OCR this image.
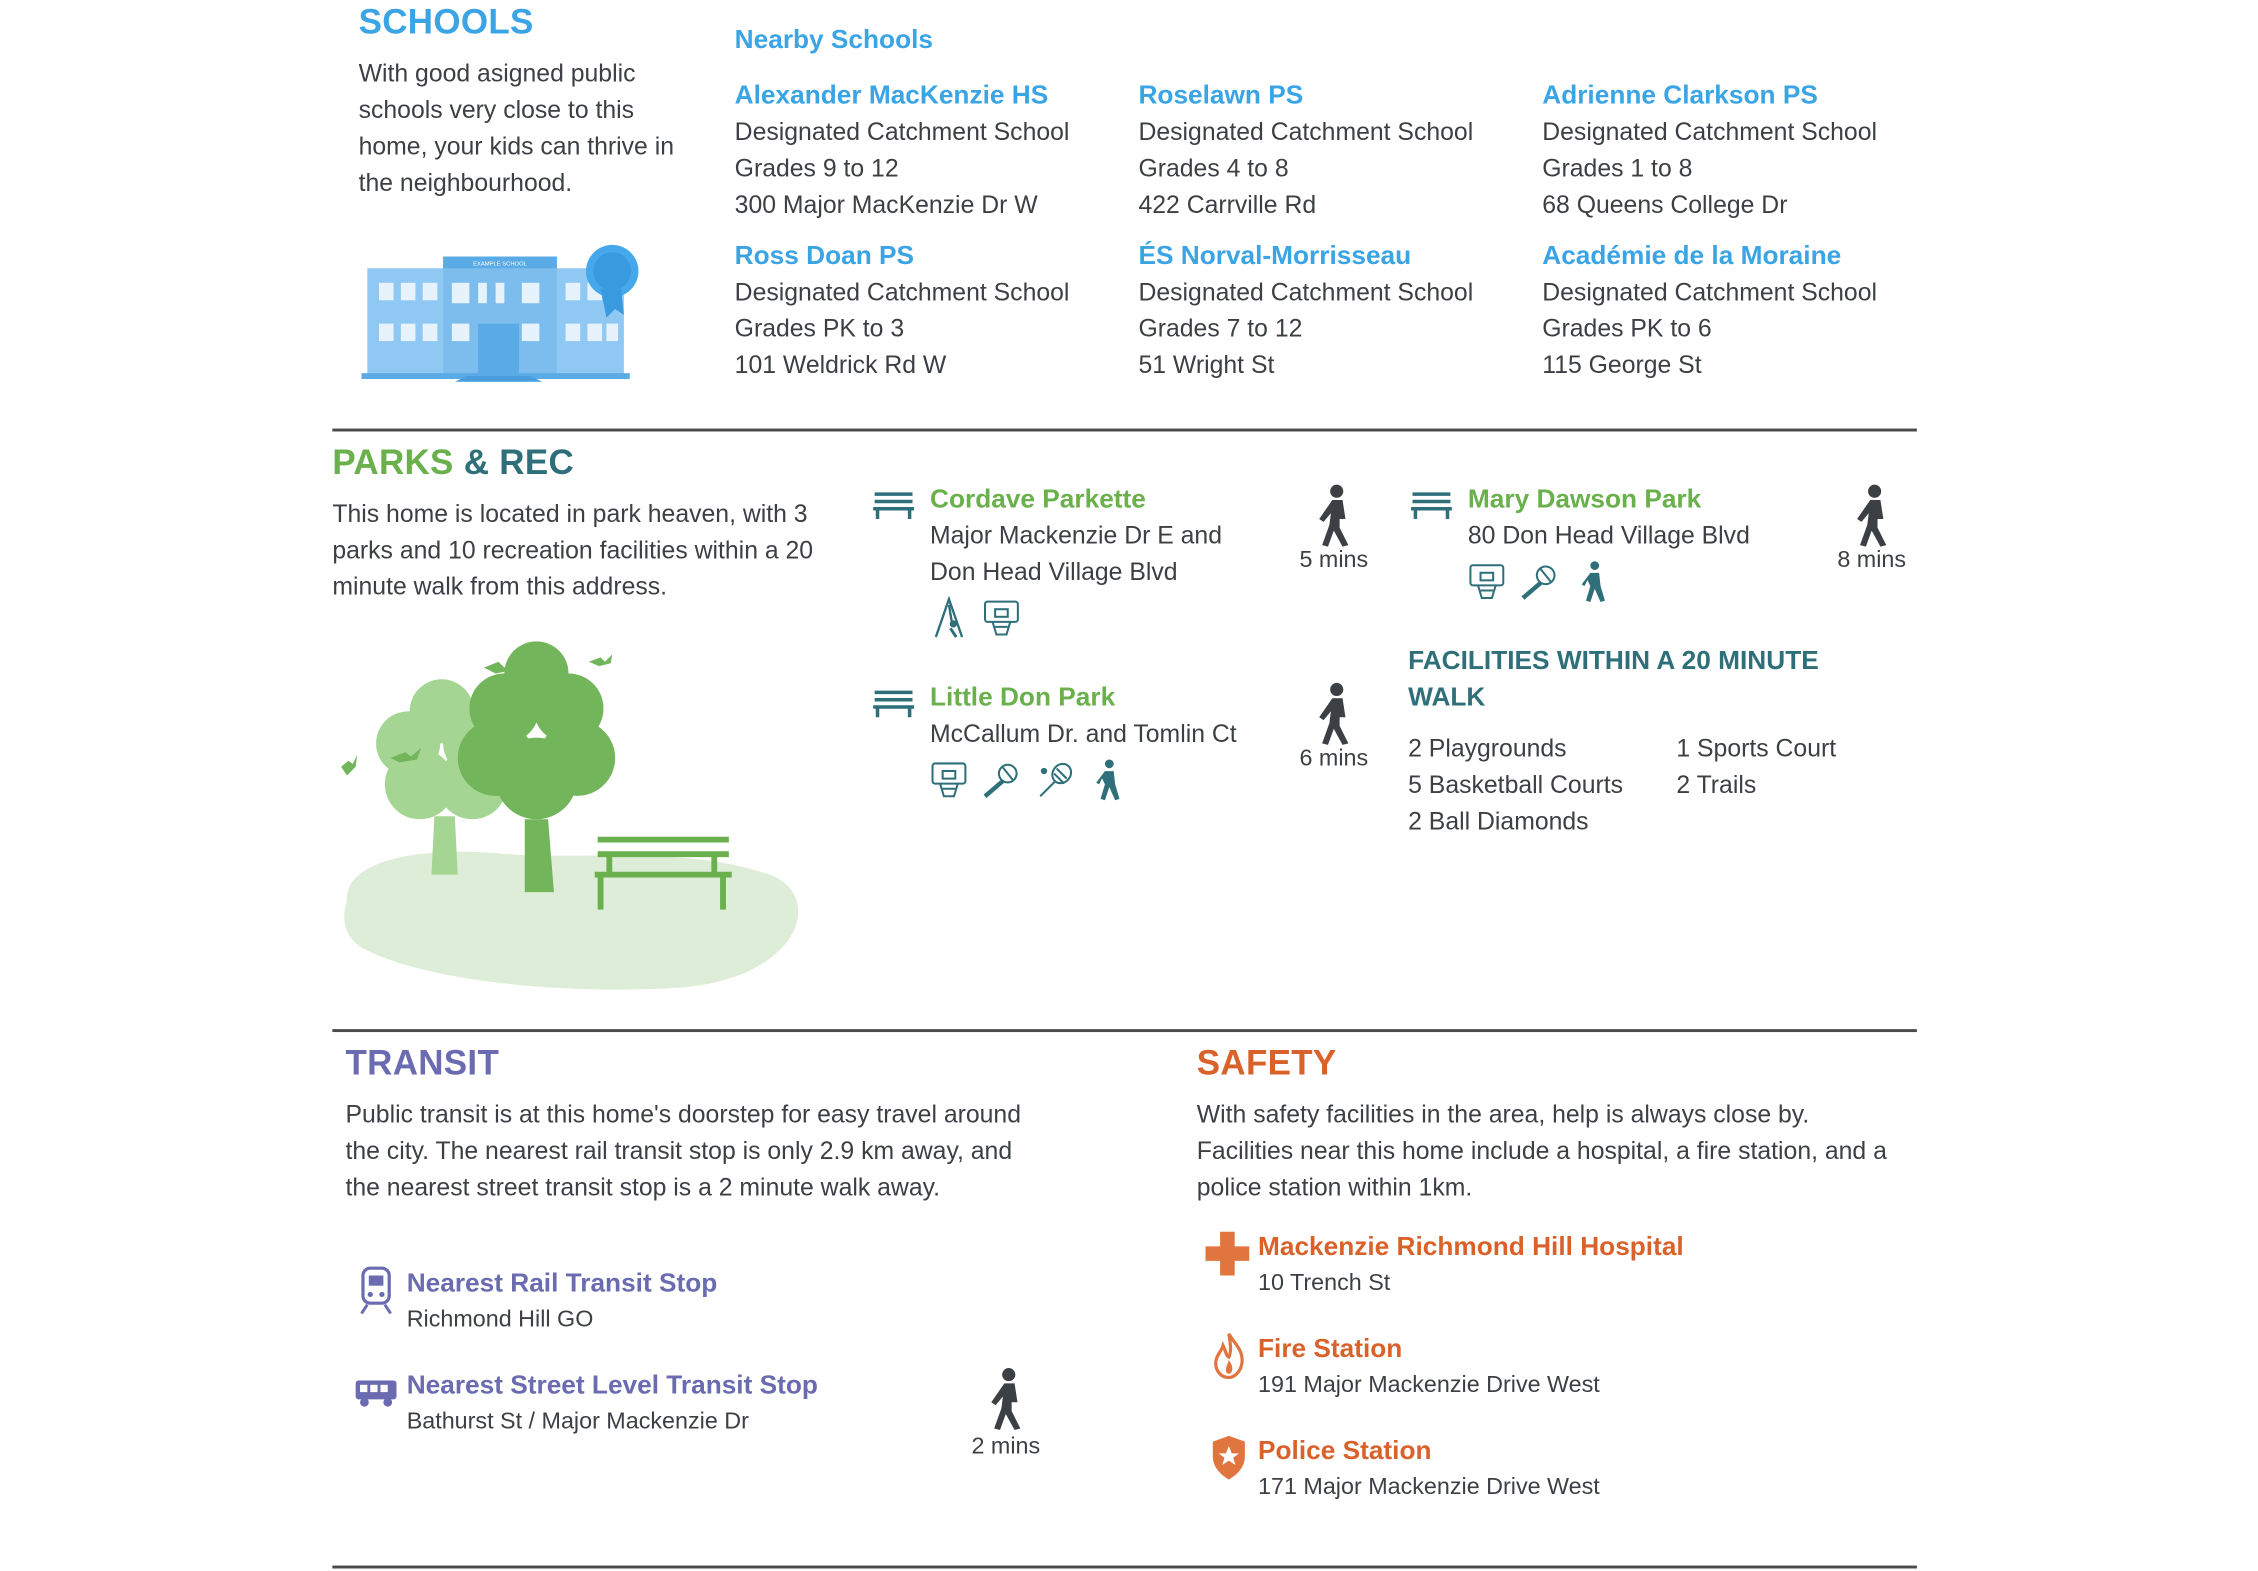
SCHOOLS
With good asigned public schools very close to this home, your kids can thrive in the neighbourhood.
EXAMPLE SCHOOL
Nearby Schools
Alexander MacKenzie HS
Designated Catchment School
Grades 9 to 12
300 Major MacKenzie Dr W
Roselawn PS
Designated Catchment School
Grades 4 to 8
422 Carrville Rd
Adrienne Clarkson PS
Designated Catchment School
Grades 1 to 8
68 Queens College Dr
Ross Doan PS
Designated Catchment School
Grades PK to 3
101 Weldrick Rd W
ÉS Norval-Morrisseau
Designated Catchment School
Grades 7 to 12
51 Wright St
Académie de la Moraine
Designated Catchment School
Grades PK to 6
115 George St
PARKS & REC
This home is located in park heaven, with 3 parks and 10 recreation facilities within a 20 minute walk from this address.
Cordave Parkette
Major Mackenzie Dr E and
Don Head Village Blvd
	5 mins
Little Don Park
McCallum Dr. and Tomlin Ct

6 mins
Mary Dawson Park
80 Don Head Village Blvd

8 mins
FACILITIES WITHIN A 20 MINUTE
WALK
2 Playgrounds
5 Basketball Courts
2 Ball Diamonds
1 Sports Court
2 Trails
TRANSIT
Public transit is at this home's doorstep for easy travel around the city. The nearest rail transit stop is only 2.9 km away, and the nearest street transit stop is a 2 minute walk away.
Nearest Rail Transit Stop
Richmond Hill GO
Nearest Street Level Transit Stop
Bathurst St / Major Mackenzie Dr
2 mins
SAFETY
With safety facilities in the area, help is always close by. Facilities near this home include a hospital, a fire station, and a police station within 1km.
Mackenzie Richmond Hill Hospital
10 Trench St
Fire Station
191 Major Mackenzie Drive West
Police Station
171 Major Mackenzie Drive West
